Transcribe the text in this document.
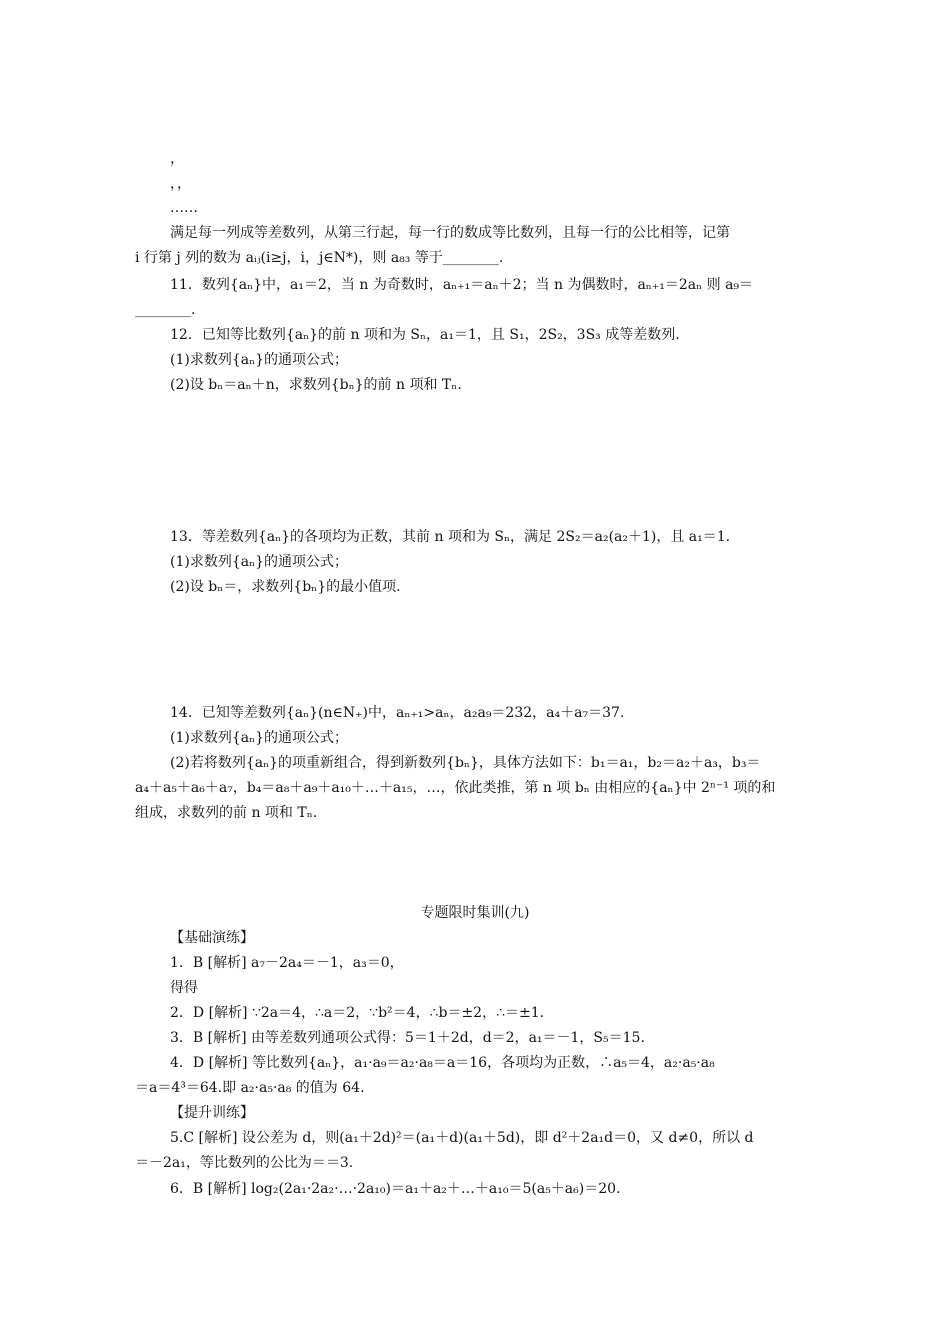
，
，，
……
满足每一列成等差数列，从第三行起，每一行的数成等比数列，且每一行的公比相等，记第
i 行第 j 列的数为 aᵢⱼ(i≥j，i，j∈N*)，则 a₈₃ 等于________.
11．数列{aₙ}中，a₁＝2，当 n 为奇数时，aₙ₊₁＝aₙ＋2；当 n 为偶数时，aₙ₊₁＝2aₙ 则 a₉＝
________.
12．已知等比数列{aₙ}的前 n 项和为 Sₙ，a₁＝1，且 S₁，2S₂，3S₃ 成等差数列.
(1)求数列{aₙ}的通项公式；
(2)设 bₙ＝aₙ＋n，求数列{bₙ}的前 n 项和 Tₙ.
13．等差数列{aₙ}的各项均为正数，其前 n 项和为 Sₙ，满足 2S₂＝a₂(a₂＋1)，且 a₁＝1.
(1)求数列{aₙ}的通项公式；
(2)设 bₙ＝，求数列{bₙ}的最小值项.
14．已知等差数列{aₙ}(n∈N₊)中，aₙ₊₁>aₙ，a₂a₉＝232，a₄＋a₇＝37.
(1)求数列{aₙ}的通项公式；
(2)若将数列{aₙ}的项重新组合，得到新数列{bₙ}，具体方法如下：b₁＝a₁，b₂＝a₂＋a₃，b₃＝
a₄＋a₅＋a₆＋a₇，b₄＝a₈＋a₉＋a₁₀＋…＋a₁₅，…，依此类推，第 n 项 bₙ 由相应的{aₙ}中 2ⁿ⁻¹ 项的和
组成，求数列的前 n 项和 Tₙ.
专题限时集训(九)
【基础演练】
1．B [解析] a₇－2a₄＝－1，a₃＝0，
得得
2．D [解析] ∵2a＝4，∴a＝2，∵b²＝4，∴b＝±2，∴＝±1.
3．B [解析] 由等差数列通项公式得：5＝1＋2d，d＝2，a₁＝－1，S₅＝15.
4．D [解析] 等比数列{aₙ}，a₁·a₉＝a₂·a₈＝a＝16，各项均为正数，∴a₅＝4，a₂·a₅·a₈
＝a＝4³＝64.即 a₂·a₅·a₈ 的值为 64.
【提升训练】
5.C [解析] 设公差为 d，则(a₁＋2d)²＝(a₁＋d)(a₁＋5d)，即 d²＋2a₁d＝0，又 d≠0，所以 d
＝－2a₁，等比数列的公比为＝＝3.
6．B [解析] log₂(2a₁·2a₂·…·2a₁₀)＝a₁＋a₂＋…＋a₁₀＝5(a₅＋a₆)＝20.
